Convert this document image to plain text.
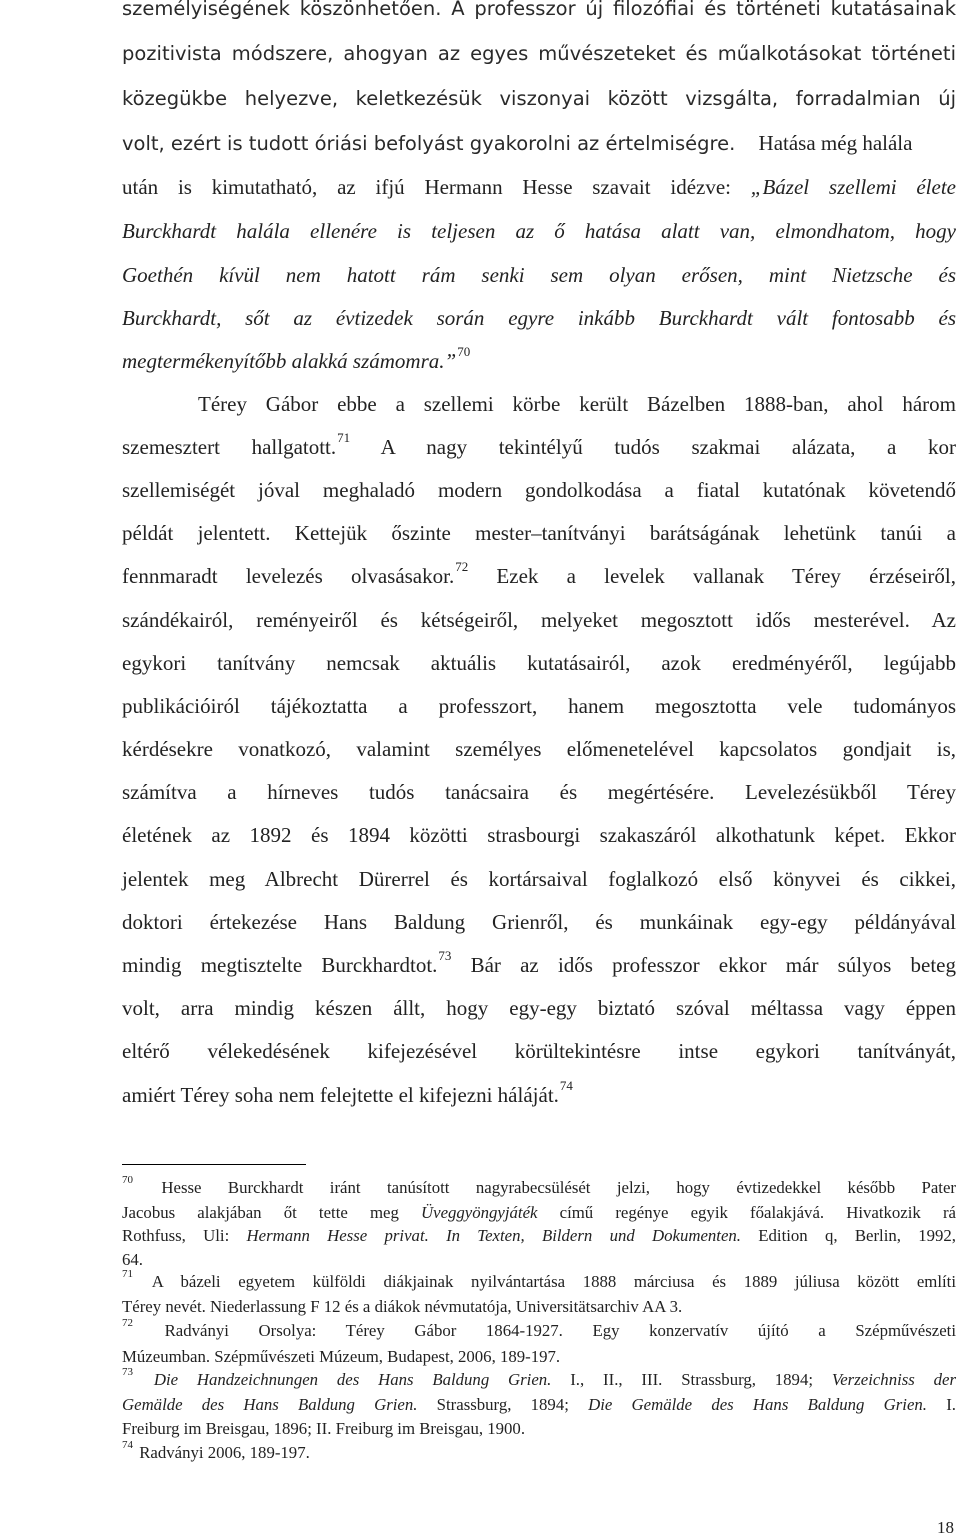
személyiségének köszönhetően. A professzor új filozófiai és történeti kutatásainak
pozitivista módszere, ahogyan az egyes művészeteket és műalkotásokat történeti
közegükbe helyezve, keletkezésük viszonyai között vizsgálta, forradalmian új
volt, ezért is tudott óriási befolyást gyakorolni az értelmiségre. Hatása még halála
után is kimutatható, az ifjú Hermann Hesse szavait idézve: „Bázel szellemi élete
Burckhardt halála ellenére is teljesen az ő hatása alatt van, elmondhatom, hogy
Goethén kívül nem hatott rám senki sem olyan erősen, mint Nietzsche és
Burckhardt, sőt az évtizedek során egyre inkább Burckhardt vált fontosabb és
megtermékenyítőbb alakká számomra.”$^{70}$
Térey Gábor ebbe a szellemi körbe került Bázelben 1888-ban, ahol három
szemesztert hallgatott.$^{71}$ A nagy tekintélyű tudós szakmai alázata, a kor
szellemiségét jóval meghaladó modern gondolkodása a fiatal kutatónak követendő
példát jelentett. Kettejük őszinte mester–tanítványi barátságának lehetünk tanúi a
fennmaradt levelezés olvasásakor.$^{72}$ Ezek a levelek vallanak Térey érzéseiről,
szándékairól, reményeiről és kétségeiről, melyeket megosztott idős mesterével. Az
egykori tanítvány nemcsak aktuális kutatásairól, azok eredményéről, legújabb
publikációiról tájékoztatta a professzort, hanem megosztotta vele tudományos
kérdésekre vonatkozó, valamint személyes előmenetelével kapcsolatos gondjait is,
számítva a hírneves tudós tanácsaira és megértésére. Levelezésükből Térey
életének az 1892 és 1894 közötti strasbourgi szakaszáról alkothatunk képet. Ekkor
jelentek meg Albrecht Dürerrel és kortársaival foglalkozó első könyvei és cikkei,
doktori értekezése Hans Baldung Grienről, és munkáinak egy-egy példányával
mindig megtisztelte Burckhardtot.$^{73}$ Bár az idős professzor ekkor már súlyos beteg
volt, arra mindig készen állt, hogy egy-egy biztató szóval méltassa vagy éppen
eltérő vélekedésének kifejezésével körültekintésre intse egykori tanítványát,
amiért Térey soha nem felejtette el kifejezni háláját.$^{74}$
$^{70}$ Hesse Burckhardt iránt tanúsított nagyrabecsülését jelzi, hogy évtizedekkel később Pater
Jacobus alakjában őt tette meg Üveggyöngyjáték című regénye egyik főalakjává. Hivatkozik rá
Rothfuss, Uli: Hermann Hesse privat. In Texten, Bildern und Dokumenten. Edition q, Berlin, 1992,
64.
$^{71}$ A bázeli egyetem külföldi diákjainak nyilvántartása 1888 márciusa és 1889 júliusa között említi
Térey nevét. Niederlassung F 12 és a diákok névmutatója, Universitätsarchiv AA 3.
$^{72}$ Radványi Orsolya: Térey Gábor 1864-1927. Egy konzervatív újító a Szépművészeti
Múzeumban. Szépművészeti Múzeum, Budapest, 2006, 189-197.
$^{73}$ Die Handzeichnungen des Hans Baldung Grien. I., II., III. Strassburg, 1894; Verzeichniss der
Gemälde des Hans Baldung Grien. Strassburg, 1894; Die Gemälde des Hans Baldung Grien. I.
Freiburg im Breisgau, 1896; II. Freiburg im Breisgau, 1900.
$^{74}$ Radványi 2006, 189-197.
18
